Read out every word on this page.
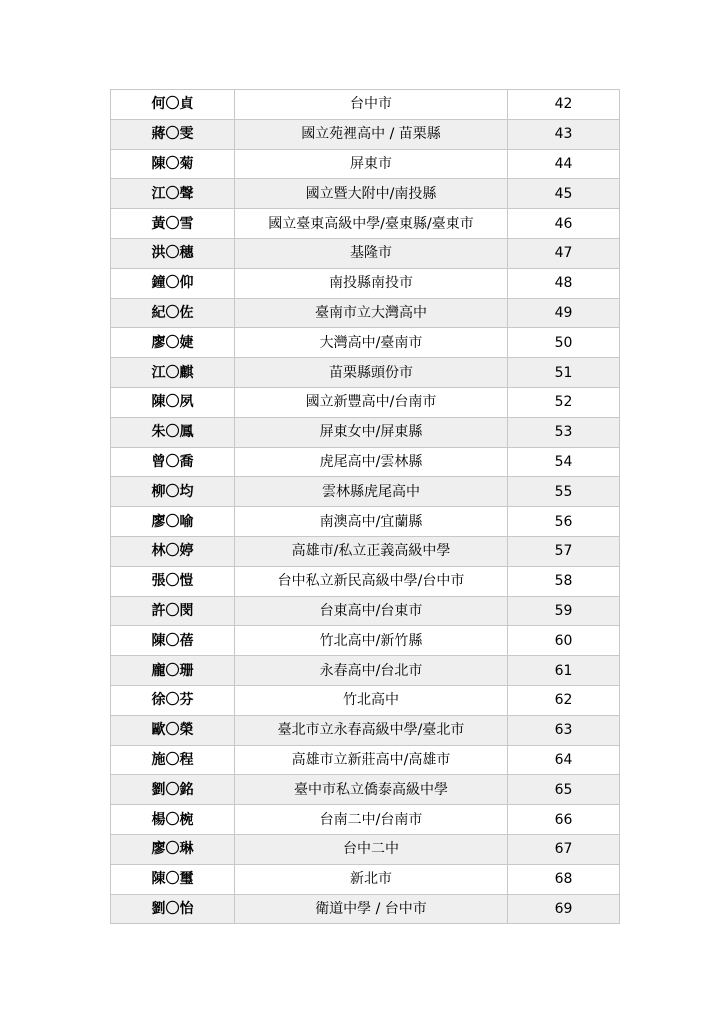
何〇貞	台中市	42
蔣〇雯	國立苑裡高中 / 苗栗縣	43
陳〇菊	屏東市	44
江〇聲	國立暨大附中/南投縣	45
黃〇雪	國立臺東高級中學/臺東縣/臺東市	46
洪〇穗	基隆市	47
鐘〇仰	南投縣南投市	48
紀〇佐	臺南市立大灣高中	49
廖〇婕	大灣高中/臺南市	50
江〇麒	苗栗縣頭份市	51
陳〇夙	國立新豐高中/台南市	52
朱〇鳳	屏東女中/屏東縣	53
曾〇喬	虎尾高中/雲林縣	54
柳〇均	雲林縣虎尾高中	55
廖〇喻	南澳高中/宜蘭縣	56
林〇婷	高雄市/私立正義高級中學	57
張〇愷	台中私立新民高級中學/台中市	58
許〇閔	台東高中/台東市	59
陳〇蓓	竹北高中/新竹縣	60
龐〇珊	永春高中/台北市	61
徐〇芬	竹北高中	62
歐〇榮	臺北市立永春高級中學/臺北市	63
施〇程	高雄市立新莊高中/高雄市	64
劉〇銘	臺中市私立僑泰高級中學	65
楊〇椀	台南二中/台南市	66
廖〇琳	台中二中	67
陳〇璽	新北市	68
劉〇怡	衛道中學 / 台中市	69
